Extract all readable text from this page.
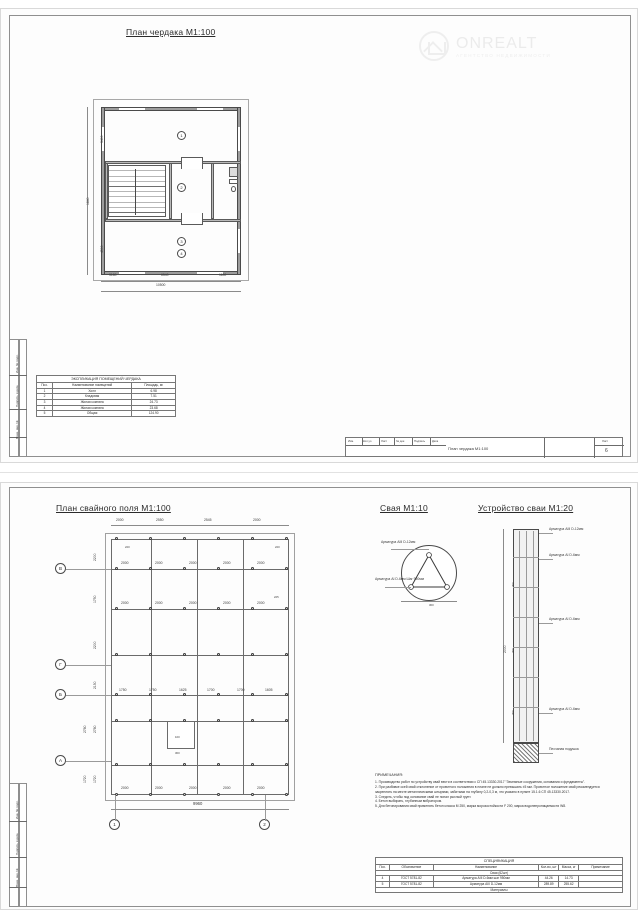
Взам. инв. №
Подпись и дата
Инв. № подл.
ONREALT
АГЕНТСТВО НЕДВИЖИМОСТИ
План чердака М1:100
1
2
3
4
10500
3180	6540	1180
3400
1840
4500
ЭКСПЛИКАЦИЯ ПОМЕЩЕНИЙ ЧЕРДАКА
Поз.	Наименование помещений	Площадь, м²
1	Холл	6.98
2	Кладовая	7.51
3	Жилая комната	24.73
4	Жилая комната	23.68
5	Общая	124.90
Изм.	Кол.уч.	Лист	№ док.	Подпись Дата
План чердака М1:100
Лист
6
Взам. инв. №
Подпись и дата
Инв. № подл.
План свайного поля М1:100	Свая М1:10	Устройство сваи М1:20
В
Г
Б
А
1	2
2000	2550	2545	2000
2000	2000	2000	2000	2000
2000	2000	2000	2000	2000
1750	1750	1625	1700	1700	1605
2000	2000	2000	2000	2000
2200
1750
2200
2150
2780 2780
1720 1720
9960
220	220
225
100
300
Арматура АIII D-12мм
Арматура АI D-6мм Шаг 950мм
300
Арматура АIII D-12мм
Арматура АI D-6мм
Арматура АI D-6мм
Арматура АI D-6мм
Песчаная подушка
2000
400
300
300
ПРИМЕЧАНИЯ:
1. Производство работ по устройству свай вести в соответствии с СП 45.13330.2017 "Земляные сооружения, основания и фундаменты".
2. При разбивке осей свай отклонение от проектного положения в плане не должно превышать ±5 мм. Проектное положение свай рекомендуется закреплять на месте металлическими штырями, забитыми на глубину 0,2-0,3 м, что указано в пункте 15.1.6 СП 45.13330.2017.
3. Следить, чтобы под основание свай не попал рыхлый грунт.
4. Бетон выбирать, глубинным вибратором.
5. Для бетонирования свай применять бетон класса М 250, марка морозостойкости F 200, марка водонепроницаемости W8.
СПЕЦИФИКАЦИЯ
Поз.	Обозначение	Наименование	Кол-во, шт	Масса, кг	Примечание
Свая (62шт)					
4	ГОСТ 5781-82	Арматура АIII D-6мм шаг 950мм	44.26	14.73	
5	ГОСТ 5781-82	Арматура АIII D-12мм	289.89	255.62	
Материалы					
